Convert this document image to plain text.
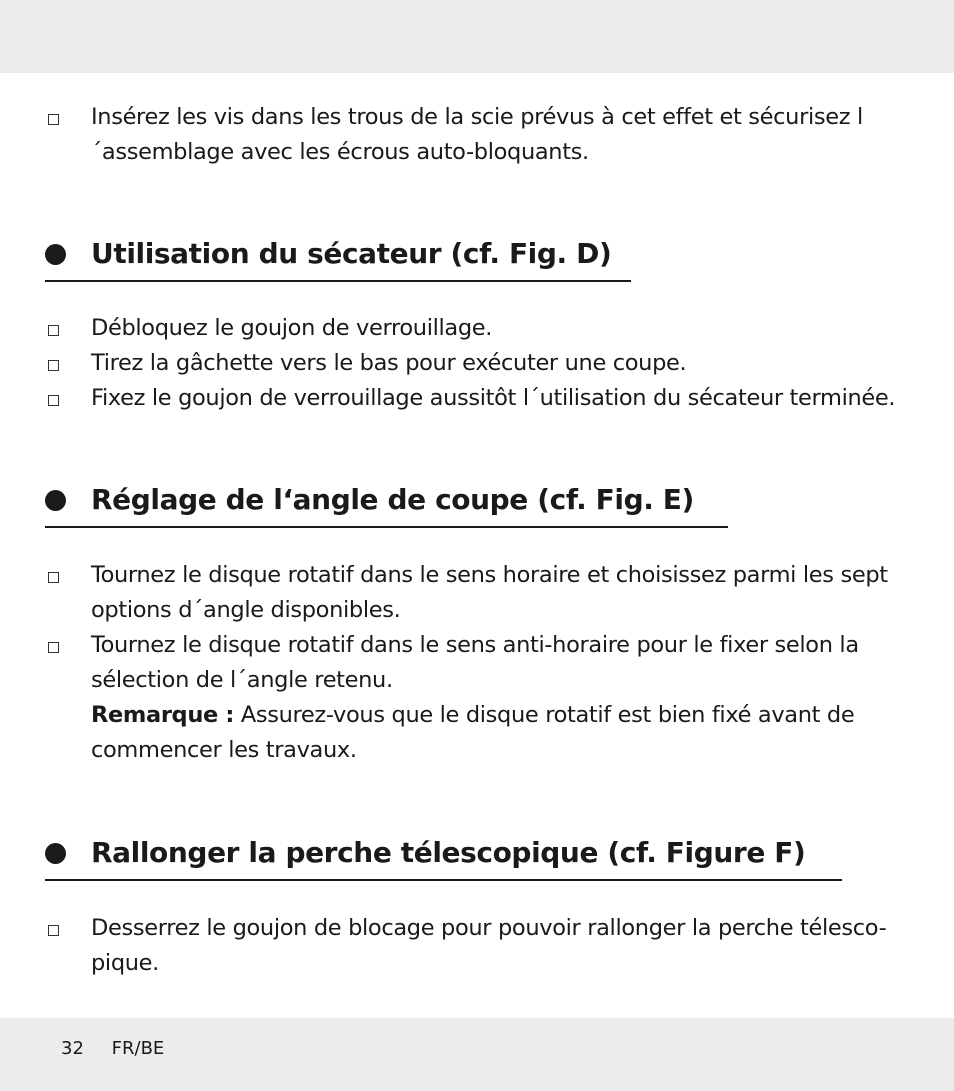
Insérez les vis dans les trous de la scie prévus à cet effet et sécurisez l´assemblage avec les écrous auto-bloquants.
Utilisation du sécateur (cf. Fig. D)
Débloquez le goujon de verrouillage.
Tirez la gâchette vers le bas pour exécuter une coupe.
Fixez le goujon de verrouillage aussitôt l´utilisation du sécateur terminée.
Réglage de l‘angle de coupe (cf. Fig. E)
Tournez le disque rotatif dans le sens horaire et choisissez parmi les sept options d´angle disponibles.
Tournez le disque rotatif dans le sens anti-horaire pour le fixer selon la sélection de l´angle retenu.
Remarque : Assurez-vous que le disque rotatif est bien fixé avant de commencer les travaux.
Rallonger la perche télescopique (cf. Figure F)
Desserrez le goujon de blocage pour pouvoir rallonger la perche télesco-pique.
32 FR/BE
